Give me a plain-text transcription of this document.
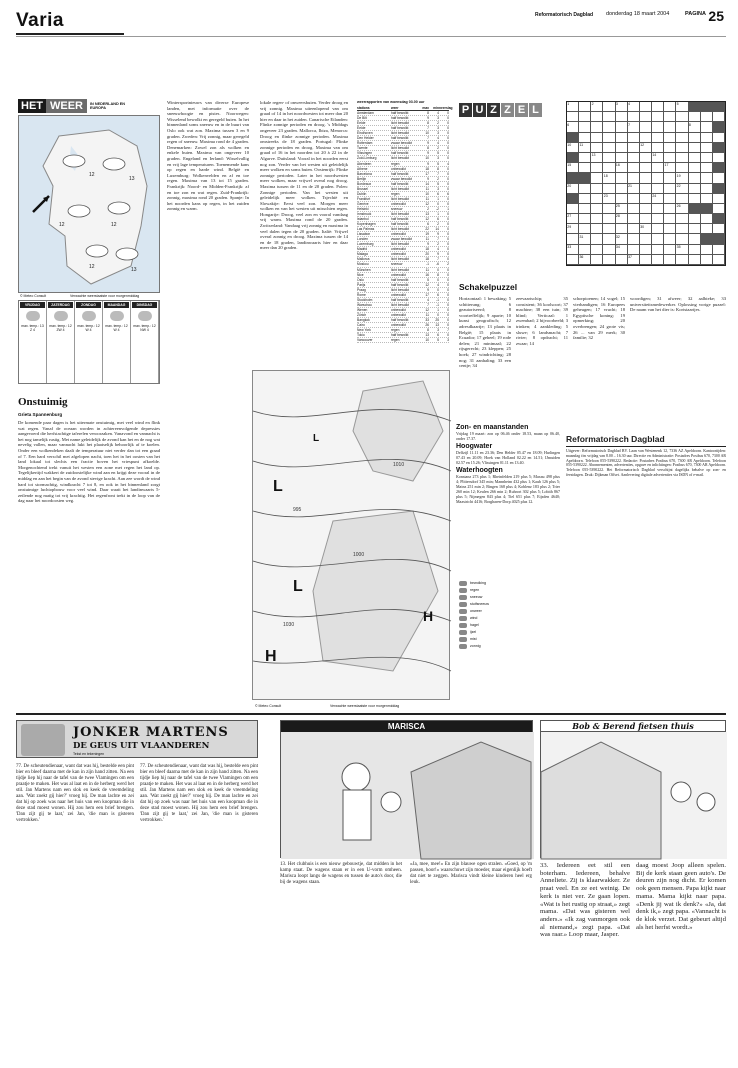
Varia	Reformatorisch Dagblad donderdag 18 maart 2004	PAGINA 25
HET WEER	IN NEDERLAND EN EUROPA
12
13
12	12
12	13
© Meteo Consult	Verwachte weerstaatste voor morgenmiddag
VRIJDAG
max. temp.: 13
Z 4
ZATERDAG
max. temp.: 12
ZW 4
ZONDAG
max. temp.: 12
W 4
MAANDAG
max. temp.: 12
W 4
DINSDAG
max. temp.: 12
NW 4
Onstuimig
Grieta Spannenburg

De komende paar dagen is het uitermate onstuimig, met veel wind en flink wat regen. Vanaf de oceaan worden in achtereenvolgende depressies aangevoerd die herfstachtige taferelen veroorzaken. Vanavond en vannacht is het nog tamelijk rustig. Met name geleidelijk de avond kan het en de nog wat nevelig vallen, maar vannacht lukt het plaatselijk behoorlijk af te koelen. Onder een wolkendeken daalt de temperatuur niet verder dan tot een graad of 7. Een hard verschil met afgelopen nacht, toen het in het oosten van het land lokaal tot slechts een fractie boven het vriespunt afkoelde. Morgenochtend trekt vanuit het westen een zone met regen het land op. Tegelijkertijd wakkert de zuidoostelijke wind aan en krijgt deze vooral in de middag en aan het begin van de avond stevige kracht. Aan zee wordt de wind hard tot stormachtig, windkracht 7 tot 8, en ook in het binnenland zorgt onstuimige luchtopbouw voor veel wind. Daar waait het landinwaarts 5-zeilende nog matig tot vrij krachtig. Het regenfront trekt in de loop van de dag naar het noordoosten weg.

Wintersportnieuws van diverse Europese landen, met informatie over de sneeuwhoogte en pistes. Noorwegen: Wisselend bewolkt en geregeld buien. In het binnenland soms sneeuw en in de buurt van Oslo ook wat zon. Maxima tussen 3 en 9 graden. Zweden: Vrij zonnig, maar geregeld regen of sneeuw. Maxima rond de 4 graden. Denemarken: Zowel zon als wolken en enkele buien. Maxima van ongeveer 10 graden. Engeland en Ierland: Wisselvallig en vrij lage temperaturen. Toenemende kans op regen en harde wind. België en Luxemburg: Wolkenvelden en af en toe regen. Maxima van 13 tot 15 graden. Frankrijk: Noord- en Midden-Frankrijk: af en toe zon en wat regen. Zuid-Frankrijk: zonnig, maxima rond 20 graden. Spanje: In het noorden kans op regen, in het zuiden zonnig en warm.

lokale regen- of onweersbuien. Verder droog en vrij zonnig. Maxima uiteenlopend van om graad of 14 in het noordwesten tot meer dan 20 hier en daar in het zuiden. Canarische Eilanden: Flinke zonnige perioden en droog. 's Middags ongeveer 23 graden. Mallorca, Ibiza, Menorca: Droog en flinke zonnige perioden. Maxima omstreeks de 18 graden. Portugal: Flinke zonnige perioden en droog. Maxima van om graad of 16 in het noorden tot 20 à 22 in de Algarve. Duitsland: Vooral in het noorden eerst nog zon. Verder van het westen uit geleidelijk meer wolken en soms buien. Oostenrijk: Flinke zonnige perioden. Later in het noordwesten meer wolken, maar vrijwel overal nog droog. Maxima tussen de 11 en de 20 graden. Polen: Zonnige perioden. Van het westen uit geleidelijk meer wolken. Tsjechië en Slowakije: Eerst veel zon. Morgen meer wolken en van het westen uit misschien regen. Hongarije: Droog, veel zon en vooral vandaag vrij warm. Maxima rond de 20 graden. Zwitserland: Vandaag vrij zonnig en maxima in veel dalen tegen de 20 graden. Italië: Vrijwel overal zonnig en droog. Maxima tussen de 14 en de 18 graden, landinwaarts hier en daar meer dan 20 graden.

weerrapporten van woensdag 03.00 uur
stations	weer	max	min neerslag
Amsterdam	half bewolkt	8	4	0
De Bilt	half bewolkt	9	3	0
Eelde	licht bewolkt	8	2	0
Eelde	half bewolkt	7	3	0
Eindhoven	licht bewolkt	10	3	0
Den Helder	half bewolkt	7	4	0
Rotterdam	zwaar bewolkt	9	4	0
Twente	licht bewolkt	8	2	0
Vlissingen	half bewolkt	9	5	0
Zuid-Limburg	licht bewolkt	10	3	0
Aberdeen	regen	9	5	4
Athene	onbewolkt	18	8	0
Barcelona	half bewolkt	17	7	0
Berlijn	zwaar bewolkt	9	2	0
Bordeaux	half bewolkt	14	5	0
Brussel	licht bewolkt	11	3	0
Dublin	regen	10	6	6
Frankfurt	licht bewolkt	11	1	0
Genève	onbewolkt	12	0	0
Helsinki	sneeuw	2	-2	1
Innsbruck	licht bewolkt	13	1	0
Istanbul	half bewolkt	12	6	0
Kopenhagen	half bewolkt	6	2	0
Las Palmas	licht bewolkt	22	14	0
Lissabon	onbewolkt	19	9	0
Londen	zwaar bewolkt	11	7	0
Luxemburg	licht bewolkt	9	2	0
Madrid	onbewolkt	18	4	0
Malaga	onbewolkt	20	9	0
Mallorca	licht bewolkt	18	7	0
Moskou	sneeuw	-1	-6	2
München	licht bewolkt	11	0	0
Nice	onbewolkt	16	8	0
Oslo	half bewolkt	5	0	0
Parijs	half bewolkt	12	4	0
Praag	licht bewolkt	9	0	0
Rome	onbewolkt	17	6	0
Stockholm	half bewolkt	4	-1	0
Warschau	licht bewolkt	7	-1	0
Wenen	onbewolkt	12	1	0
Zürich	onbewolkt	11	0	0
Bangkok	half bewolkt	33	25	0
Cairo	onbewolkt	26	13	0
New York	regen	8	3	7
Tokio	half bewolkt	13	6	0
Vancouver	regen	10	5	3
L
L
H
H
L
995
1000
1030
1010
© Meteo Consult	Verwachte weerstaatste voor morgenmiddag
Zon- en maanstanden
Vrijdag 19 maart: zon op 06.46 onder 18.53, maan op 06.40, onder 17.37.
Hoogwater
Delfzijl 11.11 en 23.36; Den Helder 05.47 en 18.09; Harlingen 07.43 en 20.09; Hoek van Holland 02.22 en 14.51; IJmuiden 02.57 en 15.26; Vlissingen 01.11 en 13.40.
Waterhoogten
Konstanz 273 plus 1; Rheinfelden 219 plus 5; Maxau 498 plus 4; Plittersdorf 345 min; Mannheim 432 plus 1; Kaub 126 plus 5; Mainz 251 min 2; Bingen 168 plus 4; Koblenz 183 plus 2; Trier 260 min 12; Keulen 266 min 2; Ruhrort 302 plus 5; Lobith 867 plus 5; Nijmegen 843 plus 4; Tiel 651 plus 7; Eijsden 4640; Maastricht 4416; Borgharen-Dorp 4025 plus 12.
bewolking
regen
sneeuw
stuifsneeuw
onweer
wind
hagel
ijzel
mist
zonnig
P U Z Z E L	1	2	3	4	5
6	7	8
10	11	12
13	14
15	16	17
18	19
20	21	22
23	24
25	26
27	28
29	30
31	32
33	34	35
36	37
Schakelpuzzel

Horizontaal: 1 bewaking; 5 schitterung; 6 geautoriseerd; 8 voortreffelijk; 9 aparte; 10 kunst geografisch; 12 adresdkaartje; 13 plaats in België; 15 plaats in Ecuador; 17 geheel; 19 rode delen; 21 minimaal; 22 rijsgerecht; 23 kleppen; 25 hoek; 27 windrichting; 28 nog; 31 aanhaling; 33 een centje; 34

zeevaartschip; 35 consistent; 36 koolsoort; 37 machine; 38 een tuin; 39 blind; Verticaal: 1 zwembad; 2 bijvoorbeeld; 3 trinken; 4 aankleding; 5 sluwe; 6 landsmacht; 7 rivier; 8 opdracht; 11 zwaar; 14

schorpioenen; 14 vogel; 15 vierhandigen; 16 Europees geheugen; 17 vrucht; 18 Egyptische koning; 19 opmerking; 20 overbrengen; 24 grote vis; 26 ... van 29 merk; 30 familie; 32

woordigen; 31 afweer; 32 aalbieke; 33 universiteitsmedewerker. Oplossing vorige puzzel: De naam van het dier is: Kortstaartjes.

Reformatorisch Dagblad
Uitgever: Reformatorisch Dagblad BV. Laan van Westenenk 12, 7336 AZ Apeldoorn. Kantoortijden: maandag t/m vrijdag van 8.00 – 16.30 uur. Directie en Administratie: Postadres Postbus 670, 7300 AR Apeldoorn. Telefoon 055-5390222. Redactie: Postadres Postbus 670, 7300 AR Apeldoorn. Telefoon 055-5390222. Abonnementen, advertenties, opgave en inlichtingen: Postbus 670, 7300 AR Apeldoorn. Telefoon 055-5390222. Het Reformatorisch Dagblad verschijnt dagelijks behalve op zon- en feestdagen. Druk: Dijkman Offset. Aanlevering digitale advertenties via ISDN of e-mail.
JONKER MARTENS
DE GEUS UIT VLAANDEREN
Tekst en tekeningen

77. De scheutendienaar, want dat was hij, bestelde een pint bier en bleef daarna met de kan in zijn hand zitten. Na een tijdje liep hij naar de tafel van de twee Vlamingen om een praatje te maken. Het was al laat en in de herberg werd het stil. Jan Martens nam een slok en keek de vreemdeling aan. 'Wat zoekt gij hier?' vroeg hij. De man lachte en zei dat hij op zoek was naar het huis van een koopman die in deze stad moest wonen. Hij zou hem een brief brengen. 'Dan zijt gij te laat,' zei Jan, 'die man is gisteren vertrokken.'

77. De scheutendienaar, want dat was hij, bestelde een pint bier en bleef daarna met de kan in zijn hand zitten. Na een tijdje liep hij naar de tafel van de twee Vlamingen om een praatje te maken. Het was al laat en in de herberg werd het stil. Jan Martens nam een slok en keek de vreemdeling aan. 'Wat zoekt gij hier?' vroeg hij. De man lachte en zei dat hij op zoek was naar het huis van een koopman die in deze stad moest wonen. Hij zou hem een brief brengen. 'Dan zijt gij te laat,' zei Jan, 'die man is gisteren vertrokken.'

MARISCA

13. Het clubhuis is een nieuw gebouwtje, dat midden in het kamp staat. De wagens staan er in een U-vorm omheen. Marisca loopt langs de wagens en tussen de auto's door, die bij de wagens staan.

«Ja, mee, mee!» En zijn blauwe ogen stralen. «Goed, op 'm passen, hoor!» waarschuwt zijn moeder, maar eigenlijk hoeft dat niet te zeggen. Marisca vindt kleine kinderen heel erg leuk.

Bob & Berend fietsen thuis

33. Iedereen eet stil een boterham. Iedereen, behalve Anneliete. Zij is klaarwakker. Ze praat veel. En ze eet weinig. De kerk is niet ver. Ze gaan lopen. «Wat is het rustig op straat,» zegt mama. «Dat was gisteren wel anders.» «Ik zag vanmorgen ook al niemand,» zegt papa. «Dat was raar.» Loop maar, Jasper.

daag moest Joop alleen spelen. Bij de kerk staan geen auto's. De deuren zijn nog dicht. Er komen ook geen mensen. Papa kijkt naar mama. Mama kijkt naar papa. «Denk jij wat ik denk?» «Ja, dat denk ik,» zegt papa. «Vannacht is de klok verzet. Dat gebeurt altijd als het herfst wordt.»
